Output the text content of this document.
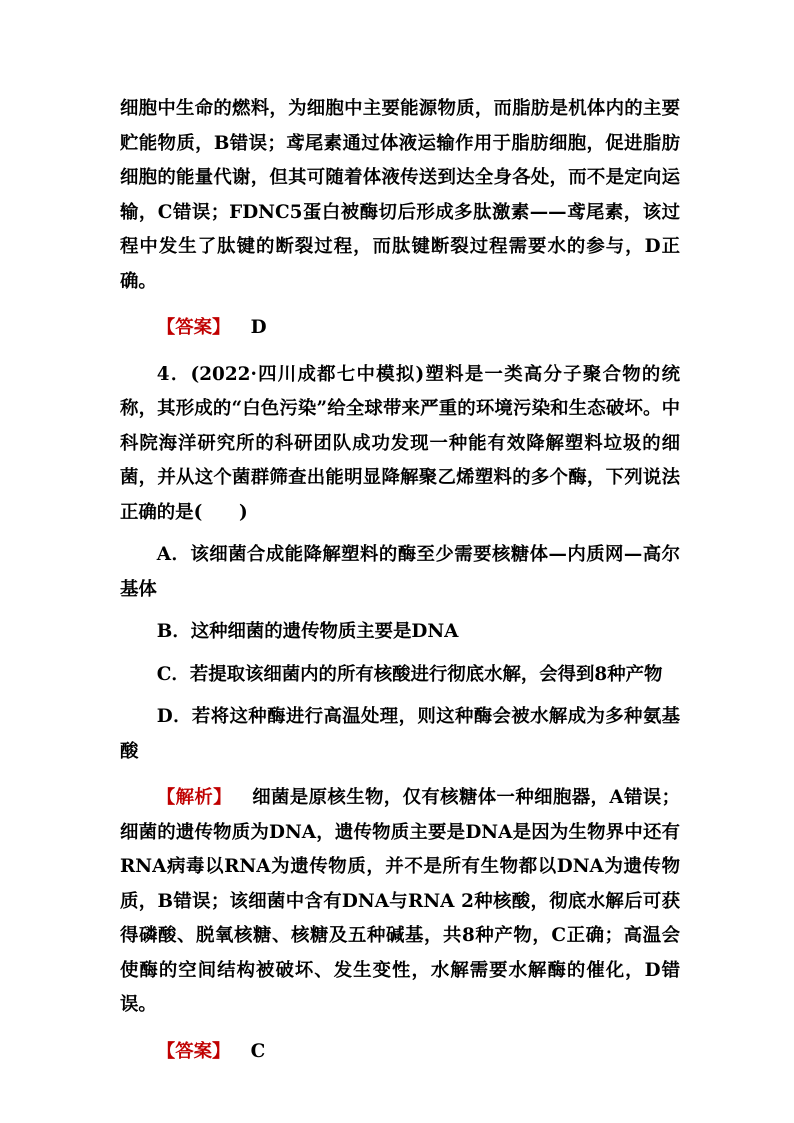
细胞中生命的燃料，为细胞中主要能源物质，而脂肪是机体内的主要贮能物质，B错误；鸢尾素通过体液运输作用于脂肪细胞，促进脂肪细胞的能量代谢，但其可随着体液传送到达全身各处，而不是定向运输，C错误；FDNC5蛋白被酶切后形成多肽激素——鸢尾素，该过程中发生了肽键的断裂过程，而肽键断裂过程需要水的参与，D正确。

【答案】 D

4．(2022·四川成都七中模拟)塑料是一类高分子聚合物的统称，其形成的“白色污染”给全球带来严重的环境污染和生态破坏。中科院海洋研究所的科研团队成功发现一种能有效降解塑料垃圾的细菌，并从这个菌群筛查出能明显降解聚乙烯塑料的多个酶，下列说法正确的是(　　)

A．该细菌合成能降解塑料的酶至少需要核糖体—内质网—高尔基体

B．这种细菌的遗传物质主要是DNA

C．若提取该细菌内的所有核酸进行彻底水解，会得到8种产物

D．若将这种酶进行高温处理，则这种酶会被水解成为多种氨基酸

【解析】 细菌是原核生物，仅有核糖体一种细胞器，A错误；细菌的遗传物质为DNA，遗传物质主要是DNA是因为生物界中还有RNA病毒以RNA为遗传物质，并不是所有生物都以DNA为遗传物质，B错误；该细菌中含有DNA与RNA 2种核酸，彻底水解后可获得磷酸、脱氧核糖、核糖及五种碱基，共8种产物，C正确；高温会使酶的空间结构被破坏、发生变性，水解需要水解酶的催化，D错误。

【答案】 C
